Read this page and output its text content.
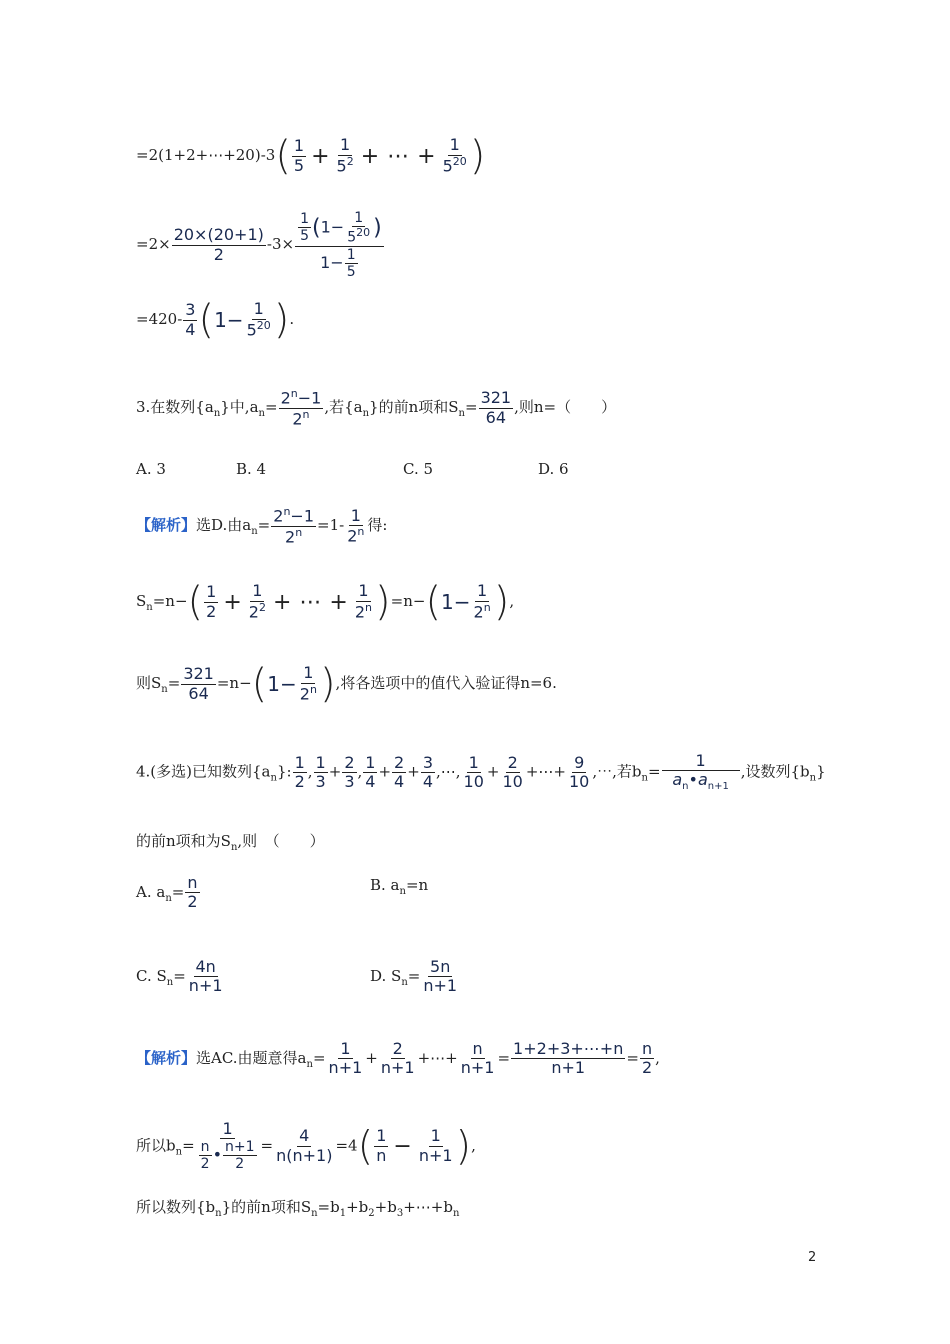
=2(1+2+⋯+20)-3( $\frac{1}{5} + \frac{1}{5^2}$ + ⋯ + $\frac{1}{5^{20}}$ )
$=2\times \frac{20\times(20+1)}{2} -3\times \frac{\frac{1}{5} (1- \frac{1}{5^{20}} )}{1- \frac{1}{5}}$
$=420- \frac{3}{4} (1- \frac{1}{5^{20}}$ ).
3.在数列$\{a_n\}$中$,a_n= \frac{2^n-1}{2^n}$ ,若$\{a_n\}$的前n项和$S_n= \frac{321}{64}$ ,则n=（　　）
A. 3	B. 4	C. 5	D. 6
【解析】选D.由$a_n= \frac{2^n-1}{2^n} =1- \frac{1}{2^n}$ 得:
$S_n=n-( \frac{1}{2} + \frac{1}{2^2}$ + ⋯ + $\frac{1}{2^n} )=n-(1- \frac{1}{2^n}$ ),
则$S_n= \frac{321}{64} =n-(1- \frac{1}{2^n}$ ),将各选项中的值代入验证得n=6.
4.(多选)已知数列$\{a_n\}$: $\frac{1}{2}$ , $\frac{1}{3} + \frac{2}{3}$ , $\frac{1}{4} + \frac{2}{4} + \frac{3}{4}$ ,⋯, $\frac{1}{10} + \frac{2}{10}$ +⋯+ $\frac{9}{10}$ ,⋯,若$b_n= \frac{1}{a_n•a_{n+1}}$ ,设数列$\{b_n\}$
的前n项和为$S_n$,则　（　　）
A. $a_n= \frac{n}{2}$	B. $a_n=n$
C. $S_n= \frac{4n}{n+1}$	D. $S_n= \frac{5n}{n+1}$
【解析】选AC.由题意得$a_n= \frac{1}{n+1} + \frac{2}{n+1}$ +⋯+ $\frac{n}{n+1} = \frac{1+2+3+\cdots+n}{n+1} = \frac{n}{2}$ ,
所以$b_n= \frac{1}{\frac{n}{2} • \frac{n+1}{2}} = \frac{4}{n(n+1)} =4( \frac{1}{n} - \frac{1}{n+1}$ ),
所以数列$\{b_n\}$的前n项和$S_n=b_1+b_2+b_3+\cdots+b_n$
2
